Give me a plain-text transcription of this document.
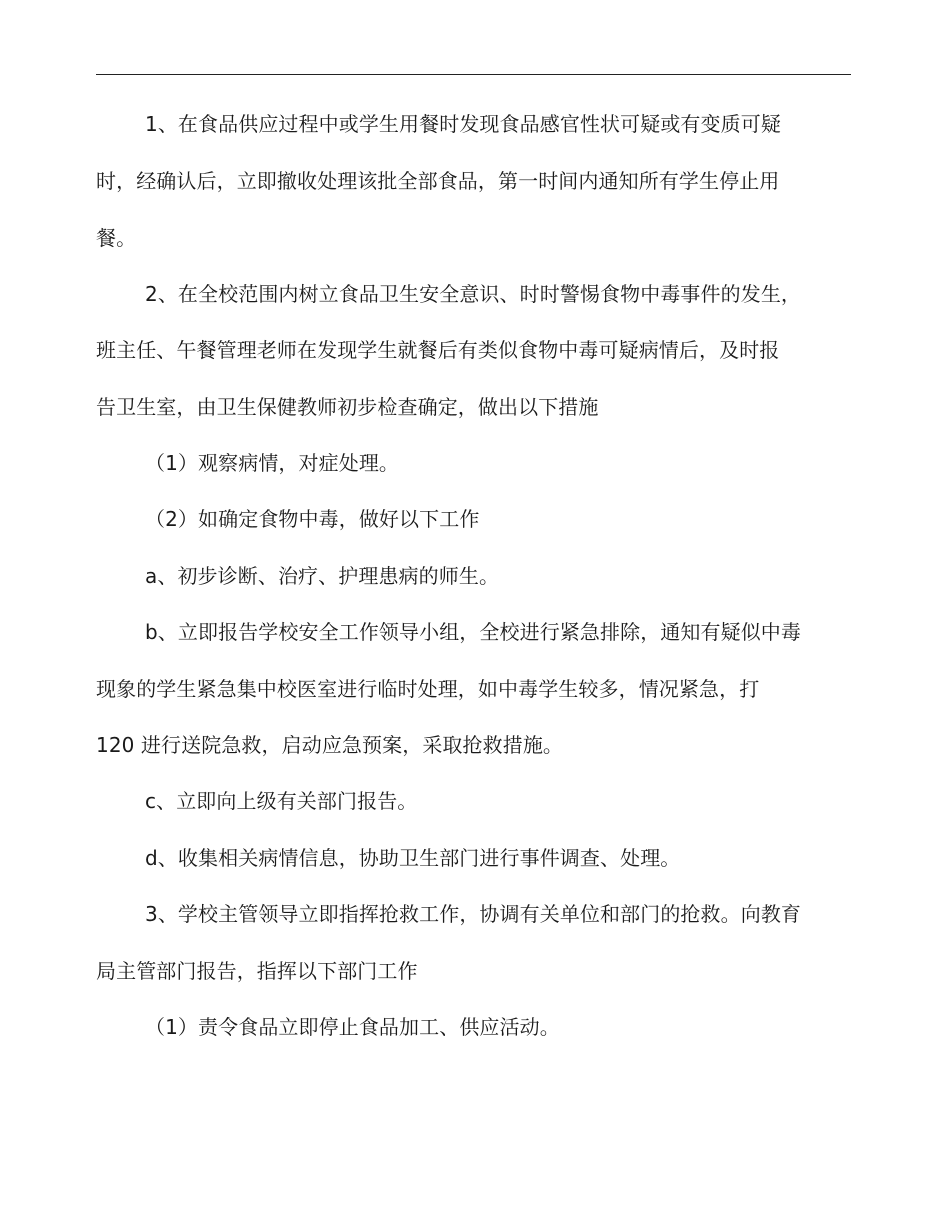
1、在食品供应过程中或学生用餐时发现食品感官性状可疑或有变质可疑

时，经确认后，立即撤收处理该批全部食品，第一时间内通知所有学生停止用

餐。

2、在全校范围内树立食品卫生安全意识、时时警惕食物中毒事件的发生，

班主任、午餐管理老师在发现学生就餐后有类似食物中毒可疑病情后，及时报

告卫生室，由卫生保健教师初步检查确定，做出以下措施

（1）观察病情，对症处理。

（2）如确定食物中毒，做好以下工作

a、初步诊断、治疗、护理患病的师生。

b、立即报告学校安全工作领导小组，全校进行紧急排除，通知有疑似中毒

现象的学生紧急集中校医室进行临时处理，如中毒学生较多，情况紧急，打

120 进行送院急救，启动应急预案，采取抢救措施。

c、立即向上级有关部门报告。

d、收集相关病情信息，协助卫生部门进行事件调查、处理。

3、学校主管领导立即指挥抢救工作，协调有关单位和部门的抢救。向教育

局主管部门报告，指挥以下部门工作

（1）责令食品立即停止食品加工、供应活动。
